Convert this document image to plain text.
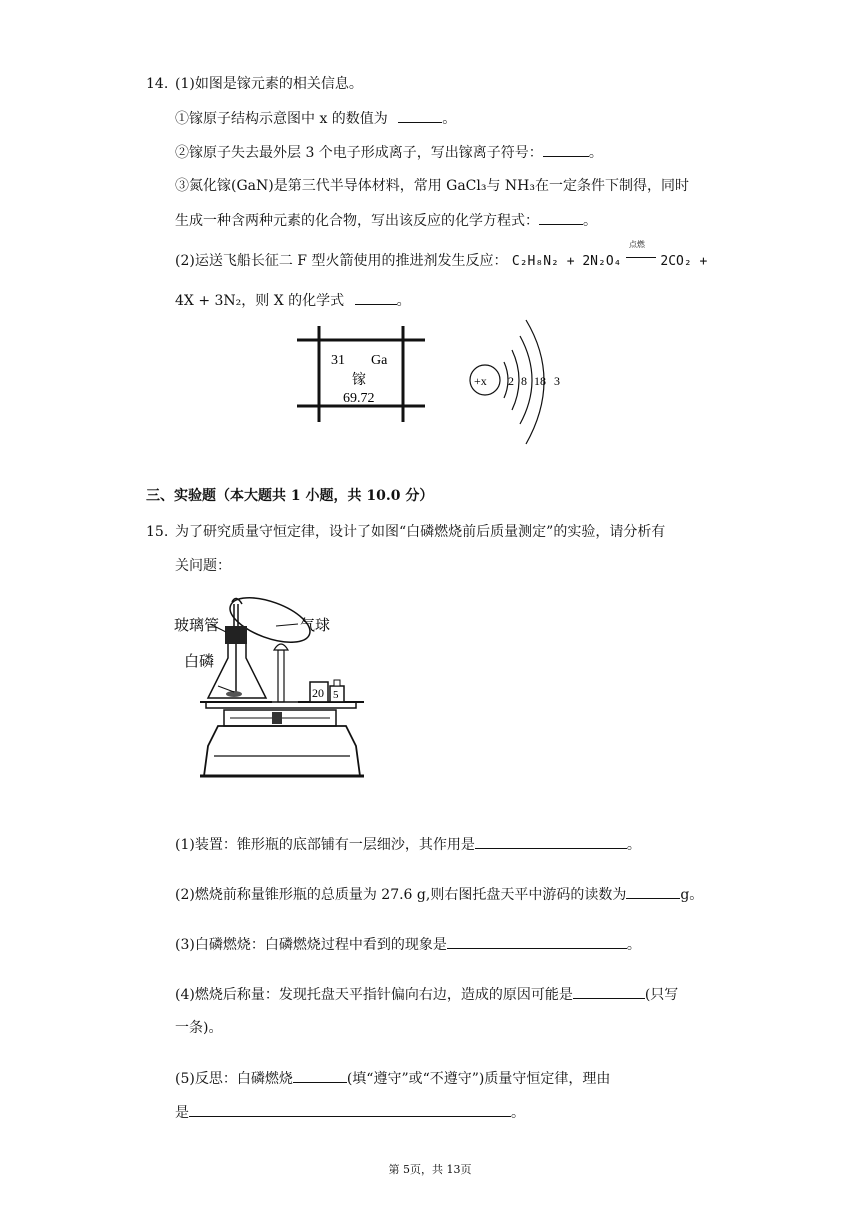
14. (1)如图是镓元素的相关信息。
①镓原子结构示意图中 x 的数值为	。
②镓原子失去最外层 3 个电子形成离子，写出镓离子符号：	。
③氮化镓(GaN)是第三代半导体材料，常用 GaCl₃与 NH₃在一定条件下制得，同时
生成一种含两种元素的化合物，写出该反应的化学方程式：	。
(2)运送飞船长征二 F 型火箭使用的推进剂发生反应： C₂H₈N₂ + 2N₂O₄
点燃
2CO₂ +
4X + 3N₂，则 X 的化学式	。
31 Ga
镓
69.72
+x 2 8 18 3
三、实验题（本大题共 1 小题，共 10.0 分）
15. 为了研究质量守恒定律，设计了如图“白磷燃烧前后质量测定”的实验，请分析有
关问题：
20 5
玻璃管	气球
白磷
(1)装置：锥形瓶的底部铺有一层细沙，其作用是	。
(2)燃烧前称量锥形瓶的总质量为 27.6 g,则右图托盘天平中游码的读数为	g。
(3)白磷燃烧：白磷燃烧过程中看到的现象是	。
(4)燃烧后称量：发现托盘天平指针偏向右边，造成的原因可能是	(只写
一条)。
(5)反思：白磷燃烧	(填“遵守”或“不遵守”)质量守恒定律，理由
是	。
第 5页，共 13页
